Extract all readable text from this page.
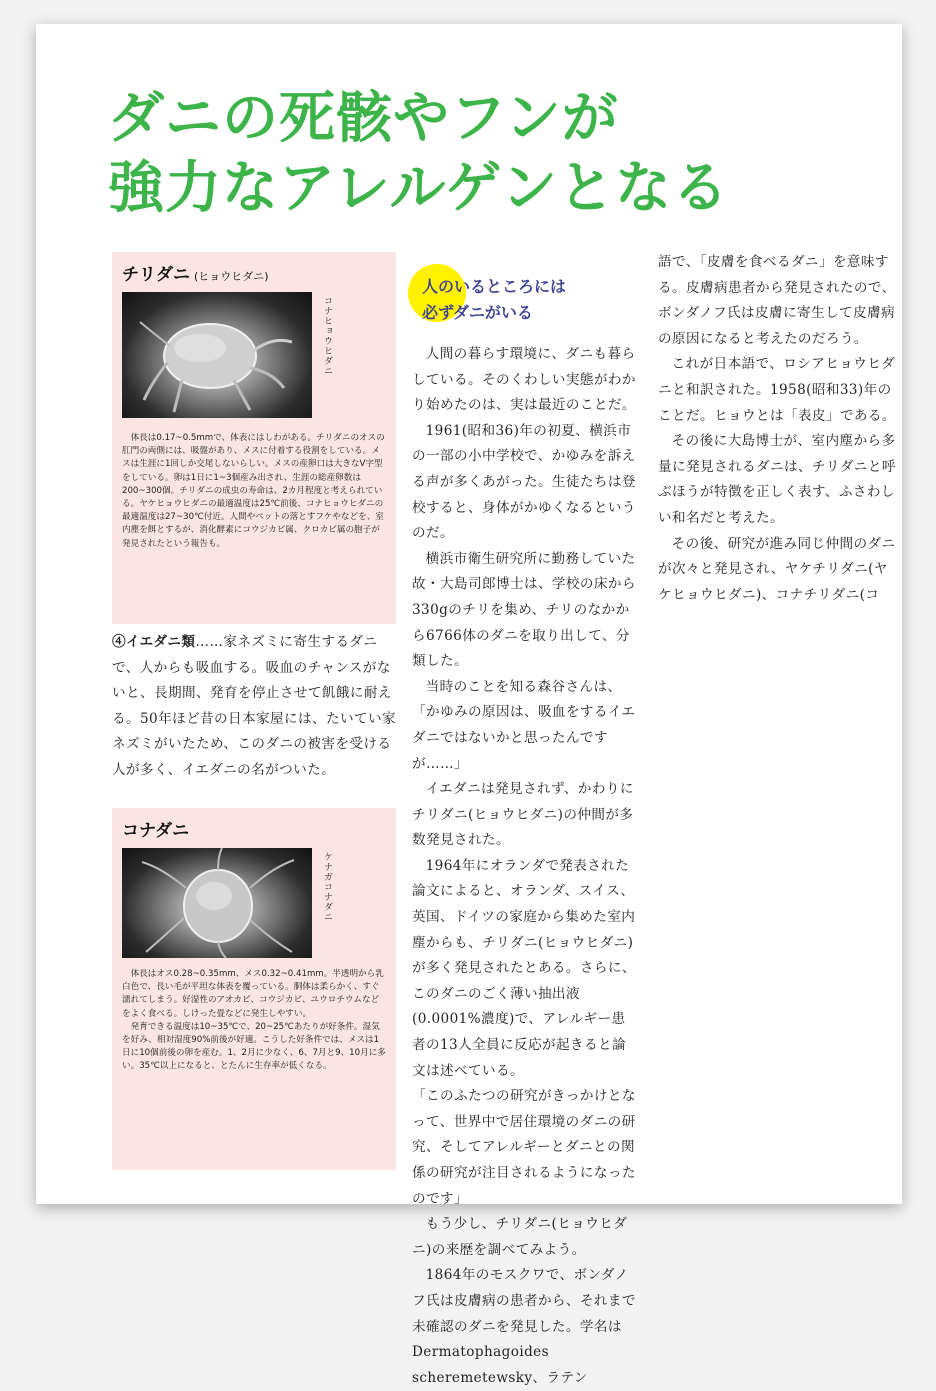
ダニの死骸やフンが
強力なアレルゲンとなる
チリダニ (ヒョウヒダニ)
コナヒョウヒダニ
体長は0.17~0.5mmで、体表にはしわがある。チリダニのオスの肛門の両側には、吸盤があり、メスに付着する役割をしている。メスは生涯に1回しか交尾しないらしい。メスの産卵口は大きなV字型をしている。卵は1日に1~3個産み出され、生涯の総産卵数は200~300個。チリダニの成虫の寿命は、2カ月程度と考えられている。ヤケヒョウヒダニの最適温度は25℃前後、コナヒョウヒダニの最適温度は27~30℃付近。人間やペットの落とすフケやなどを、室内塵を餌とするが、消化酵素にコウジカビ属、クロカビ属の胞子が発見されたという報告も。

④イエダニ類……家ネズミに寄生するダニで、人からも吸血する。吸血のチャンスがないと、長期間、発育を停止させて飢餓に耐える。50年ほど昔の日本家屋には、たいてい家ネズミがいたため、このダニの被害を受ける人が多く、イエダニの名がついた。

コナダニ
ケナガコナダニ

体長はオス0.28~0.35mm、メス0.32~0.41mm。半透明から乳白色で、長い毛が平坦な体表を覆っている。胴体は柔らかく、すぐ濡れてしまう。好湿性のアオカビ、コウジカビ、ユウロチウムなどをよく食べる。しけった畳などに発生しやすい。

発育できる温度は10~35℃で、20~25℃あたりが好条件。湿気を好み、相対湿度90%前後が好適。こうした好条件では、メスは1日に10個前後の卵を産む。1、2月に少なく、6、7月と9、10月に多い。35℃以上になると、とたんに生存率が低くなる。

人のいるところには
必ずダニがいる

人間の暮らす環境に、ダニも暮らしている。そのくわしい実態がわかり始めたのは、実は最近のことだ。

1961(昭和36)年の初夏、横浜市の一部の小中学校で、かゆみを訴える声が多くあがった。生徒たちは登校すると、身体がかゆくなるというのだ。

横浜市衛生研究所に勤務していた故・大島司郎博士は、学校の床から330gのチリを集め、チリのなかから6766体のダニを取り出して、分類した。

当時のことを知る森谷さんは、

「かゆみの原因は、吸血をするイエダニではないかと思ったんですが……」

イエダニは発見されず、かわりにチリダニ(ヒョウヒダニ)の仲間が多数発見された。

1964年にオランダで発表された論文によると、オランダ、スイス、英国、ドイツの家庭から集めた室内塵からも、チリダニ(ヒョウヒダニ)が多く発見されたとある。さらに、このダニのごく薄い抽出液(0.0001%濃度)で、アレルギー患者の13人全員に反応が起きると論文は述べている。

「このふたつの研究がきっかけとなって、世界中で居住環境のダニの研究、そしてアレルギーとダニとの関係の研究が注目されるようになったのです」

もう少し、チリダニ(ヒョウヒダニ)の来歴を調べてみよう。

1864年のモスクワで、ボンダノフ氏は皮膚病の患者から、それまで未確認のダニを発見した。学名はDermatophagoides scheremetewsky、ラテン

語で、「皮膚を食べるダニ」を意味する。皮膚病患者から発見されたので、ボンダノフ氏は皮膚に寄生して皮膚病の原因になると考えたのだろう。

これが日本語で、ロシアヒョウヒダニと和訳された。1958(昭和33)年のことだ。ヒョウとは「表皮」である。

その後に大島博士が、室内塵から多量に発見されるダニは、チリダニと呼ぶほうが特徴を正しく表す、ふさわしい和名だと考えた。

その後、研究が進み同じ仲間のダニが次々と発見され、ヤケチリダニ(ヤケヒョウヒダニ)、コナチリダニ(コ
